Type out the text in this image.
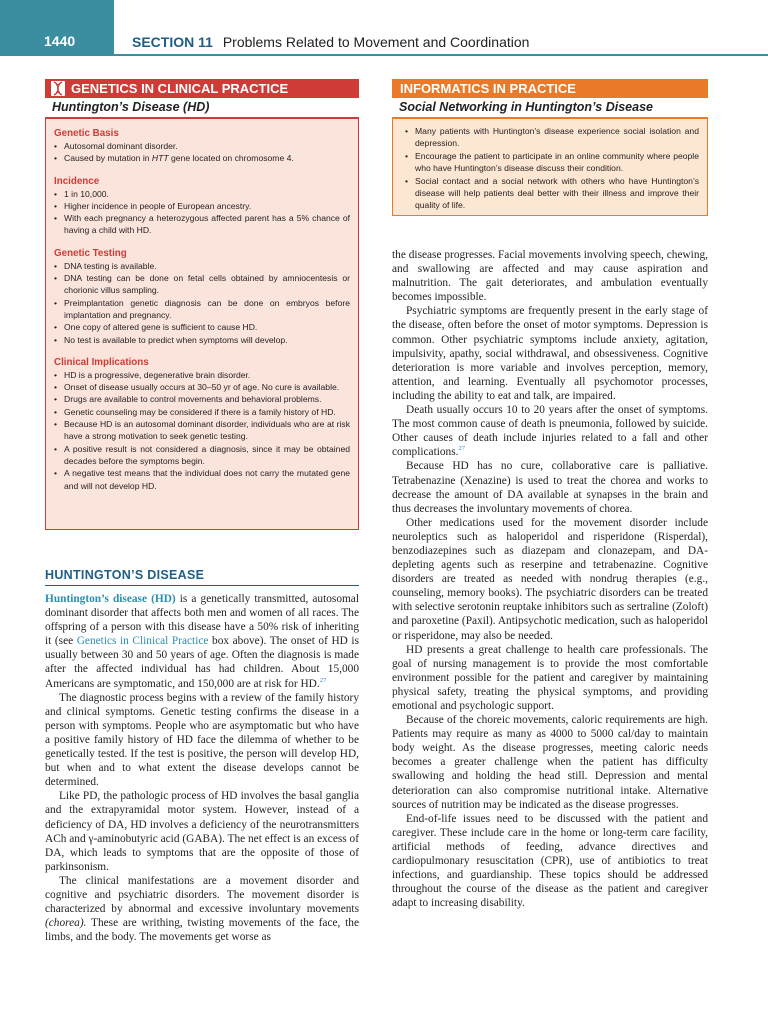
1440	SECTION 11 Problems Related to Movement and Coordination
GENETICS IN CLINICAL PRACTICE
Huntington’s Disease (HD)
Genetic Basis
• Autosomal dominant disorder.
• Caused by mutation in HTT gene located on chromosome 4.
Incidence
• 1 in 10,000.
• Higher incidence in people of European ancestry.
• With each pregnancy a heterozygous affected parent has a 5% chance of having a child with HD.
Genetic Testing
• DNA testing is available.
• DNA testing can be done on fetal cells obtained by amniocentesis or chorionic villus sampling.
• Preimplantation genetic diagnosis can be done on embryos before implantation and pregnancy.
• One copy of altered gene is sufficient to cause HD.
• No test is available to predict when symptoms will develop.
Clinical Implications
• HD is a progressive, degenerative brain disorder.
• Onset of disease usually occurs at 30–50 yr of age. No cure is available.
• Drugs are available to control movements and behavioral problems.
• Genetic counseling may be considered if there is a family history of HD.
• Because HD is an autosomal dominant disorder, individuals who are at risk have a strong motivation to seek genetic testing.
• A positive result is not considered a diagnosis, since it may be obtained decades before the symptoms begin.
• A negative test means that the individual does not carry the mutated gene and will not develop HD.
INFORMATICS IN PRACTICE
Social Networking in Huntington’s Disease
• Many patients with Huntington’s disease experience social isolation and depression.
• Encourage the patient to participate in an online community where people who have Huntington’s disease discuss their condition.
• Social contact and a social network with others who have Huntington’s disease will help patients deal better with their illness and improve their quality of life.
HUNTINGTON’S DISEASE

Huntington’s disease (HD) is a genetically transmitted, autosomal dominant disorder that affects both men and women of all races. The offspring of a person with this disease have a 50% risk of inheriting it (see Genetics in Clinical Practice box above). The onset of HD is usually between 30 and 50 years of age. Often the diagnosis is made after the affected individual has had children. About 15,000 Americans are symptomatic, and 150,000 are at risk for HD.$^{27}$

The diagnostic process begins with a review of the family history and clinical symptoms. Genetic testing confirms the disease in a person with symptoms. People who are asymptomatic but who have a positive family history of HD face the dilemma of whether to be genetically tested. If the test is positive, the person will develop HD, but when and to what extent the disease develops cannot be determined.

Like PD, the pathologic process of HD involves the basal ganglia and the extrapyramidal motor system. However, instead of a deficiency of DA, HD involves a deficiency of the neurotransmitters ACh and γ-aminobutyric acid (GABA). The net effect is an excess of DA, which leads to symptoms that are the opposite of those of parkinsonism.

The clinical manifestations are a movement disorder and cognitive and psychiatric disorders. The movement disorder is characterized by abnormal and excessive involuntary movements (chorea). These are writhing, twisting movements of the face, the limbs, and the body. The movements get worse as

the disease progresses. Facial movements involving speech, chewing, and swallowing are affected and may cause aspiration and malnutrition. The gait deteriorates, and ambulation eventually becomes impossible.

Psychiatric symptoms are frequently present in the early stage of the disease, often before the onset of motor symptoms. Depression is common. Other psychiatric symptoms include anxiety, agitation, impulsivity, apathy, social withdrawal, and obsessiveness. Cognitive deterioration is more variable and involves perception, memory, attention, and learning. Eventually all psychomotor processes, including the ability to eat and talk, are impaired.

Death usually occurs 10 to 20 years after the onset of symptoms. The most common cause of death is pneumonia, followed by suicide. Other causes of death include injuries related to a fall and other complications.$^{27}$

Because HD has no cure, collaborative care is palliative. Tetrabenazine (Xenazine) is used to treat the chorea and works to decrease the amount of DA available at synapses in the brain and thus decreases the involuntary movements of chorea.

Other medications used for the movement disorder include neuroleptics such as haloperidol and risperidone (Risperdal), benzodiazepines such as diazepam and clonazepam, and DA-depleting agents such as reserpine and tetrabenazine. Cognitive disorders are treated as needed with nondrug therapies (e.g., counseling, memory books). The psychiatric disorders can be treated with selective serotonin reuptake inhibitors such as sertraline (Zoloft) and paroxetine (Paxil). Antipsychotic medication, such as haloperidol or risperidone, may also be needed.

HD presents a great challenge to health care professionals. The goal of nursing management is to provide the most comfortable environment possible for the patient and caregiver by maintaining physical safety, treating the physical symptoms, and providing emotional and psychologic support.

Because of the choreic movements, caloric requirements are high. Patients may require as many as 4000 to 5000 cal/day to maintain body weight. As the disease progresses, meeting caloric needs becomes a greater challenge when the patient has difficulty swallowing and holding the head still. Depression and mental deterioration can also compromise nutritional intake. Alternative sources of nutrition may be indicated as the disease progresses.

End-of-life issues need to be discussed with the patient and caregiver. These include care in the home or long-term care facility, artificial methods of feeding, advance directives and cardiopulmonary resuscitation (CPR), use of antibiotics to treat infections, and guardianship. These topics should be addressed throughout the course of the disease as the patient and caregiver adapt to increasing disability.
